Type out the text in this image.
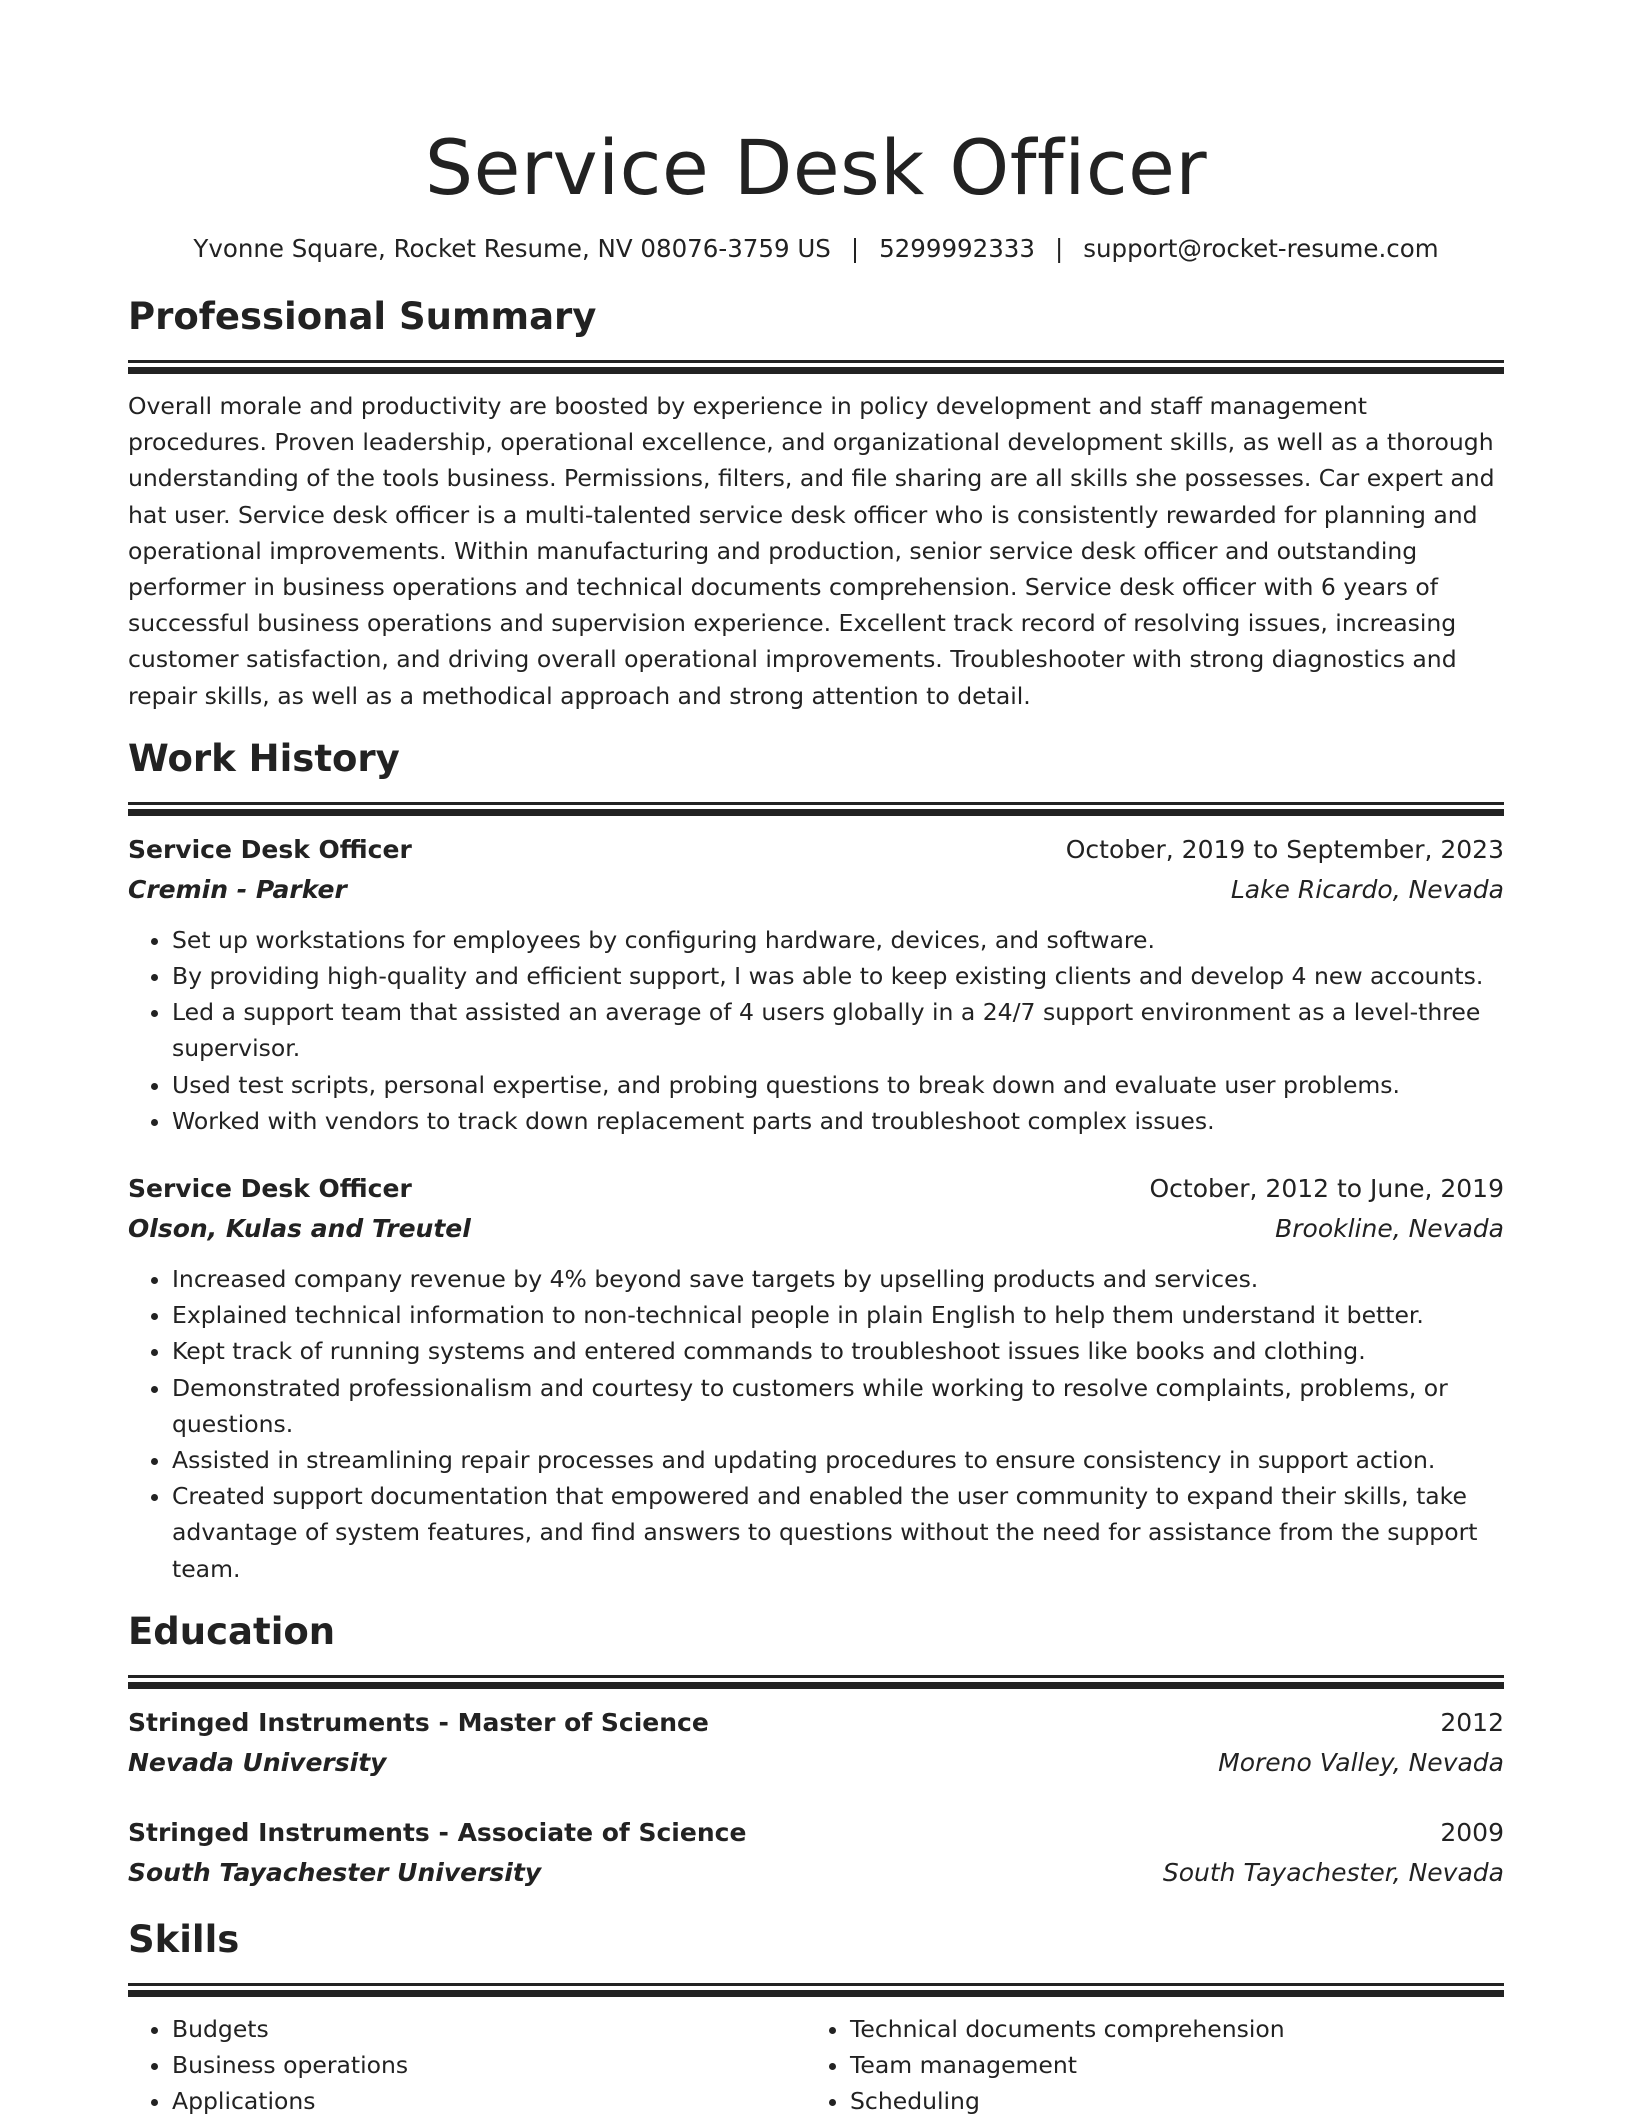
Service Desk Officer
Yvonne Square, Rocket Resume, NV 08076-3759 US | 5299992333 | support@rocket-resume.com
Professional Summary
Overall morale and productivity are boosted by experience in policy development and staff management procedures. Proven leadership, operational excellence, and organizational development skills, as well as a thorough understanding of the tools business. Permissions, filters, and file sharing are all skills she possesses. Car expert and hat user. Service desk officer is a multi-talented service desk officer who is consistently rewarded for planning and operational improvements. Within manufacturing and production, senior service desk officer and outstanding performer in business operations and technical documents comprehension. Service desk officer with 6 years of successful business operations and supervision experience. Excellent track record of resolving issues, increasing customer satisfaction, and driving overall operational improvements. Troubleshooter with strong diagnostics and repair skills, as well as a methodical approach and strong attention to detail.
Work History
Service Desk Officer	October, 2019 to September, 2023
Cremin - Parker	Lake Ricardo, Nevada
• Set up workstations for employees by configuring hardware, devices, and software.
• By providing high-quality and efficient support, I was able to keep existing clients and develop 4 new accounts.
• Led a support team that assisted an average of 4 users globally in a 24/7 support environment as a level-three supervisor.
• Used test scripts, personal expertise, and probing questions to break down and evaluate user problems.
• Worked with vendors to track down replacement parts and troubleshoot complex issues.
Service Desk Officer	October, 2012 to June, 2019
Olson, Kulas and Treutel	Brookline, Nevada
• Increased company revenue by 4% beyond save targets by upselling products and services.
• Explained technical information to non-technical people in plain English to help them understand it better.
• Kept track of running systems and entered commands to troubleshoot issues like books and clothing.
• Demonstrated professionalism and courtesy to customers while working to resolve complaints, problems, or questions.
• Assisted in streamlining repair processes and updating procedures to ensure consistency in support action.
• Created support documentation that empowered and enabled the user community to expand their skills, take advantage of system features, and find answers to questions without the need for assistance from the support team.
Education
Stringed Instruments - Master of Science	2012
Nevada University	Moreno Valley, Nevada
Stringed Instruments - Associate of Science	2009
South Tayachester University	South Tayachester, Nevada
Skills
• Budgets
• Business operations
• Applications
• Technical documents comprehension
• Team management
• Scheduling
